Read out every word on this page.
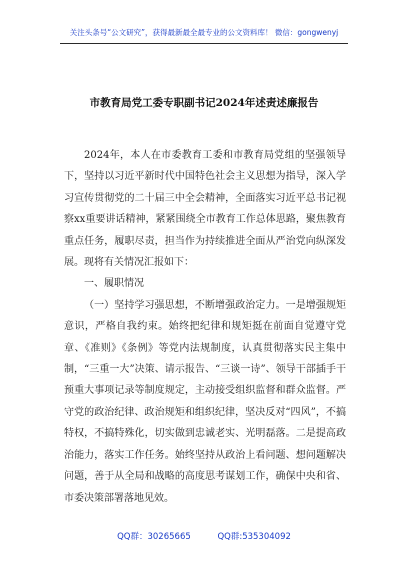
关注头条号“公文研究”，获得最新最全最专业的公文资料库！ 微信：gongwenyj
市教育局党工委专职副书记2024年述责述廉报告

2024年，本人在市委教育工委和市教育局党组的坚强领导下，坚持以习近平新时代中国特色社会主义思想为指导，深入学习宣传贯彻党的二十届三中全会精神，全面落实习近平总书记视察xx重要讲话精神，紧紧围绕全市教育工作总体思路，聚焦教育重点任务，履职尽责，担当作为持续推进全面从严治党向纵深发展。现将有关情况汇报如下：

一、履职情况

（一）坚持学习强思想，不断增强政治定力。一是增强规矩意识，严格自我约束。始终把纪律和规矩挺在前面自觉遵守党章、《准则》《条例》等党内法规制度，认真贯彻落实民主集中制，“三重一大”决策、请示报告、“三谈一诗”、领导干部插手干预重大事项记录等制度规定，主动接受组织监督和群众监督。严守党的政治纪律、政治规矩和组织纪律，坚决反对“四风”，不搞特权，不搞特殊化，切实做到忠诚老实、光明磊落。二是提高政治能力，落实工作任务。始终坚持从政治上看问题、想问题解决问题，善于从全局和战略的高度思考谋划工作，确保中央和省、市委决策部署落地见效。

QQ群：30265665	QQ群:535304092
